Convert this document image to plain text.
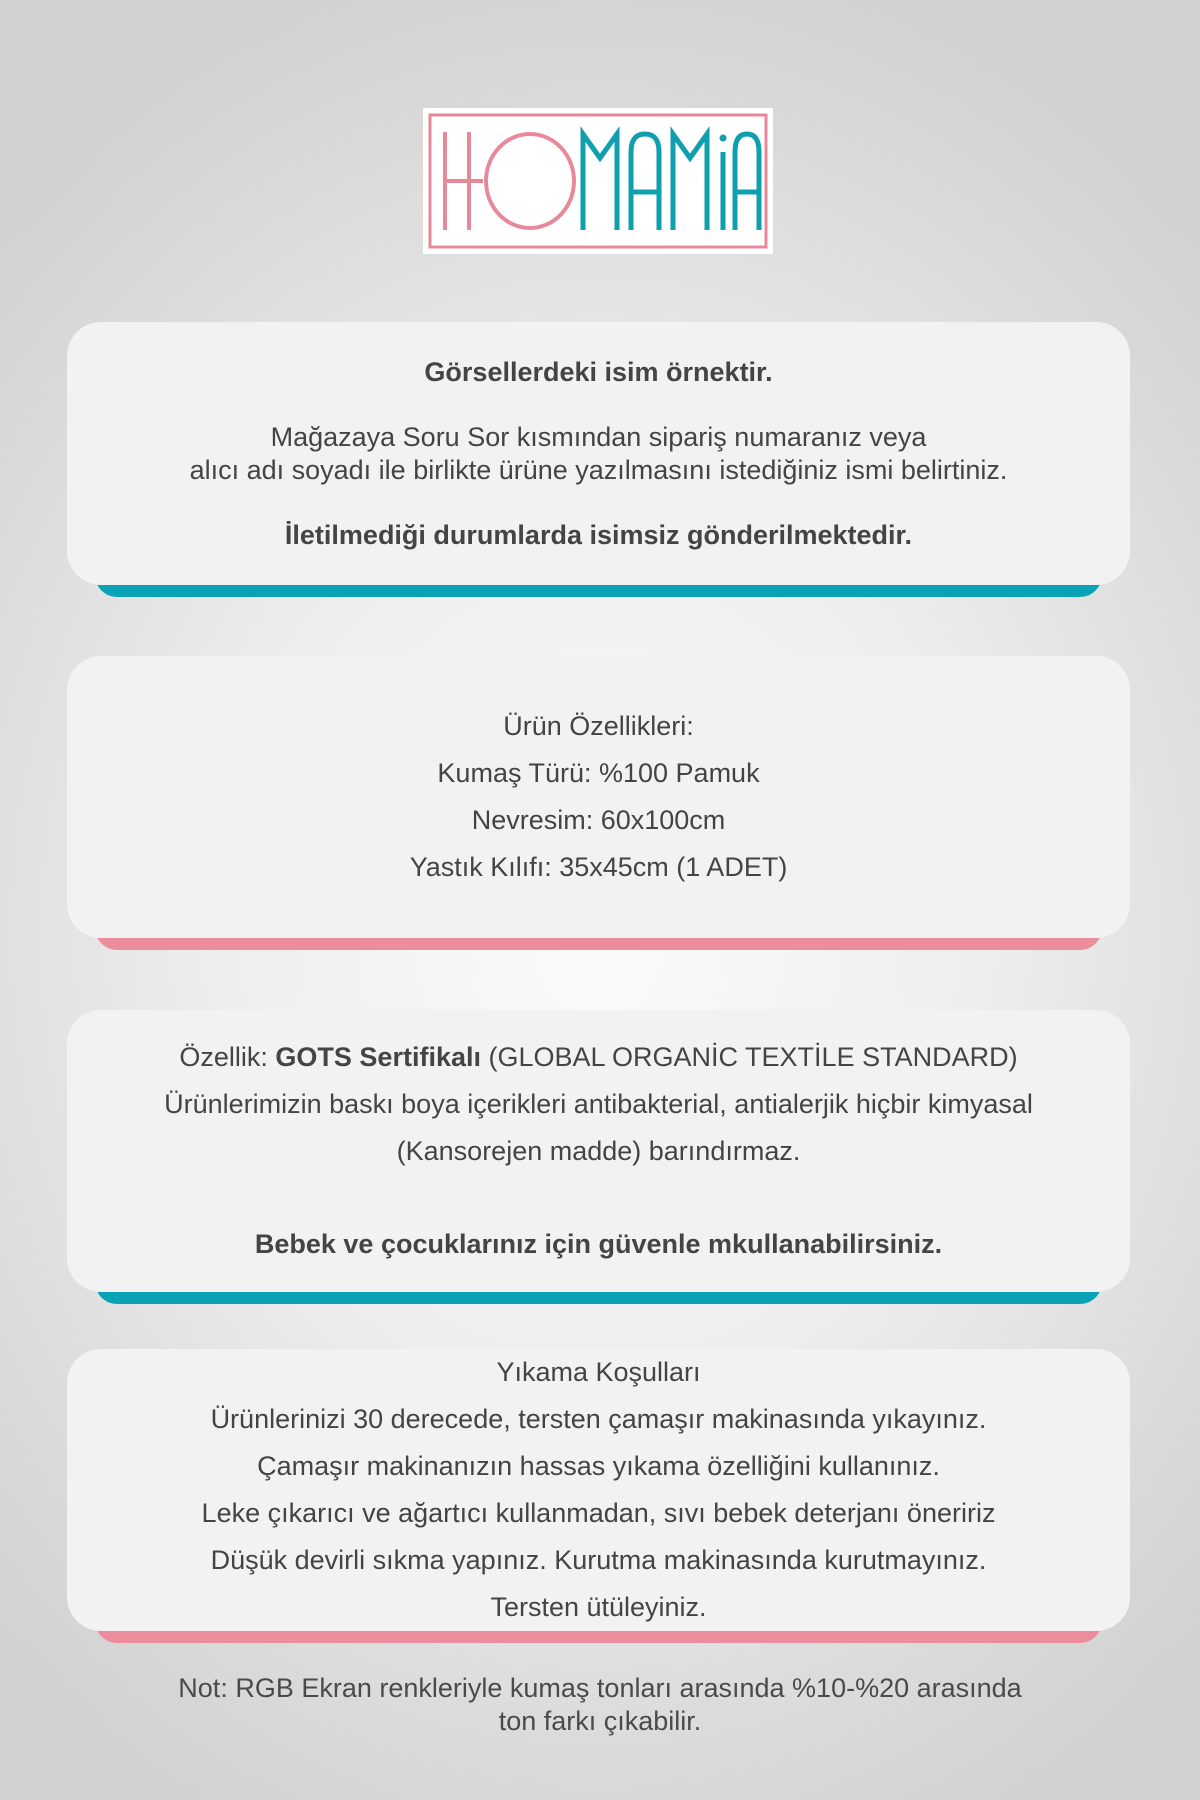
Görsellerdeki isim örnektir.
Mağazaya Soru Sor kısmından sipariş numaranız veya
alıcı adı soyadı ile birlikte ürüne yazılmasını istediğiniz ismi belirtiniz.
İletilmediği durumlarda isimsiz gönderilmektedir.
Ürün Özellikleri:
Kumaş Türü: %100 Pamuk
Nevresim: 60x100cm
Yastık Kılıfı: 35x45cm (1 ADET)
Özellik: GOTS Sertifikalı (GLOBAL ORGANİC TEXTİLE STANDARD)
Ürünlerimizin baskı boya içerikleri antibakterial, antialerjik hiçbir kimyasal
(Kansorejen madde) barındırmaz.
Bebek ve çocuklarınız için güvenle mkullanabilirsiniz.
Yıkama Koşulları
Ürünlerinizi 30 derecede, tersten çamaşır makinasında yıkayınız.
Çamaşır makinanızın hassas yıkama özelliğini kullanınız.
Leke çıkarıcı ve ağartıcı kullanmadan, sıvı bebek deterjanı öneririz
Düşük devirli sıkma yapınız. Kurutma makinasında kurutmayınız.
Tersten ütüleyiniz.
Not: RGB Ekran renkleriyle kumaş tonları arasında %10-%20 arasında
ton farkı çıkabilir.
